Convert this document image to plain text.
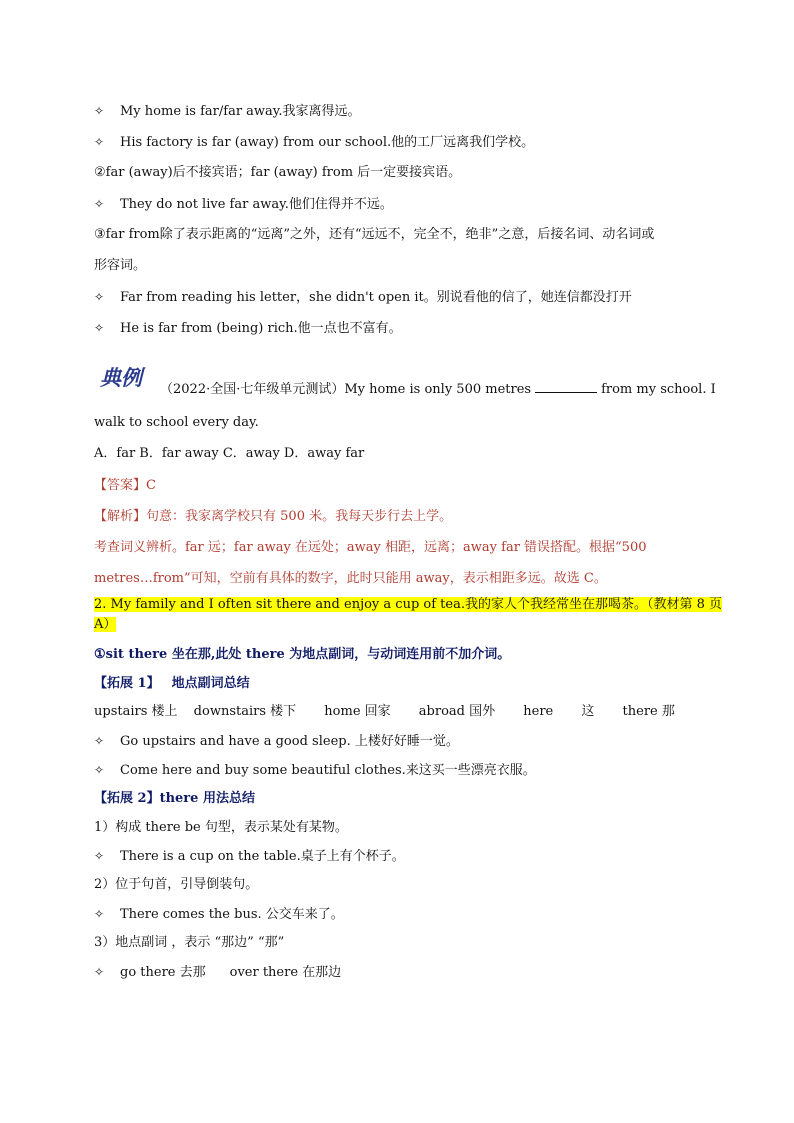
✧ My home is far/far away.我家离得远。
✧ His factory is far (away) from our school.他的工厂远离我们学校。
②far (away)后不接宾语；far (away) from 后一定要接宾语。
✧ They do not live far away.他们住得并不远。
③far from除了表示距离的“远离”之外，还有“远远不，完全不，绝非”之意，后接名词、动名词或
形容词。
✧ Far from reading his letter，she didn't open it。别说看他的信了，她连信都没打开
✧ He is far from (being) rich.他一点也不富有。
典例	（2022·全国·七年级单元测试）My home is only 500 metres	from my school. I
walk to school every day.
A．far B．far away C．away D．away far
【答案】C
【解析】句意：我家离学校只有 500 米。我每天步行去上学。
考查词义辨析。far 远；far away 在远处；away 相距，远离；away far 错误搭配。根据“500
metres…from”可知，空前有具体的数字，此时只能用 away，表示相距多远。故选 C。
2. My family and I often sit there and enjoy a cup of tea.我的家人个我经常坐在那喝茶。（教材第 8 页
A）
①sit there 坐在那,此处 there 为地点副词，与动词连用前不加介词。
【拓展 1】 地点副词总结
upstairs 楼上 downstairs 楼下 home 回家 abroad 国外 here 这 there 那
✧ Go upstairs and have a good sleep. 上楼好好睡一觉。
✧ Come here and buy some beautiful clothes.来这买一些漂亮衣服。
【拓展 2】there 用法总结
1）构成 there be 句型，表示某处有某物。
✧ There is a cup on the table.桌子上有个杯子。
2）位于句首，引导倒装句。
✧ There comes the bus. 公交车来了。
3）地点副词 ，表示 “那边” “那”
✧ go there 去那 over there 在那边
